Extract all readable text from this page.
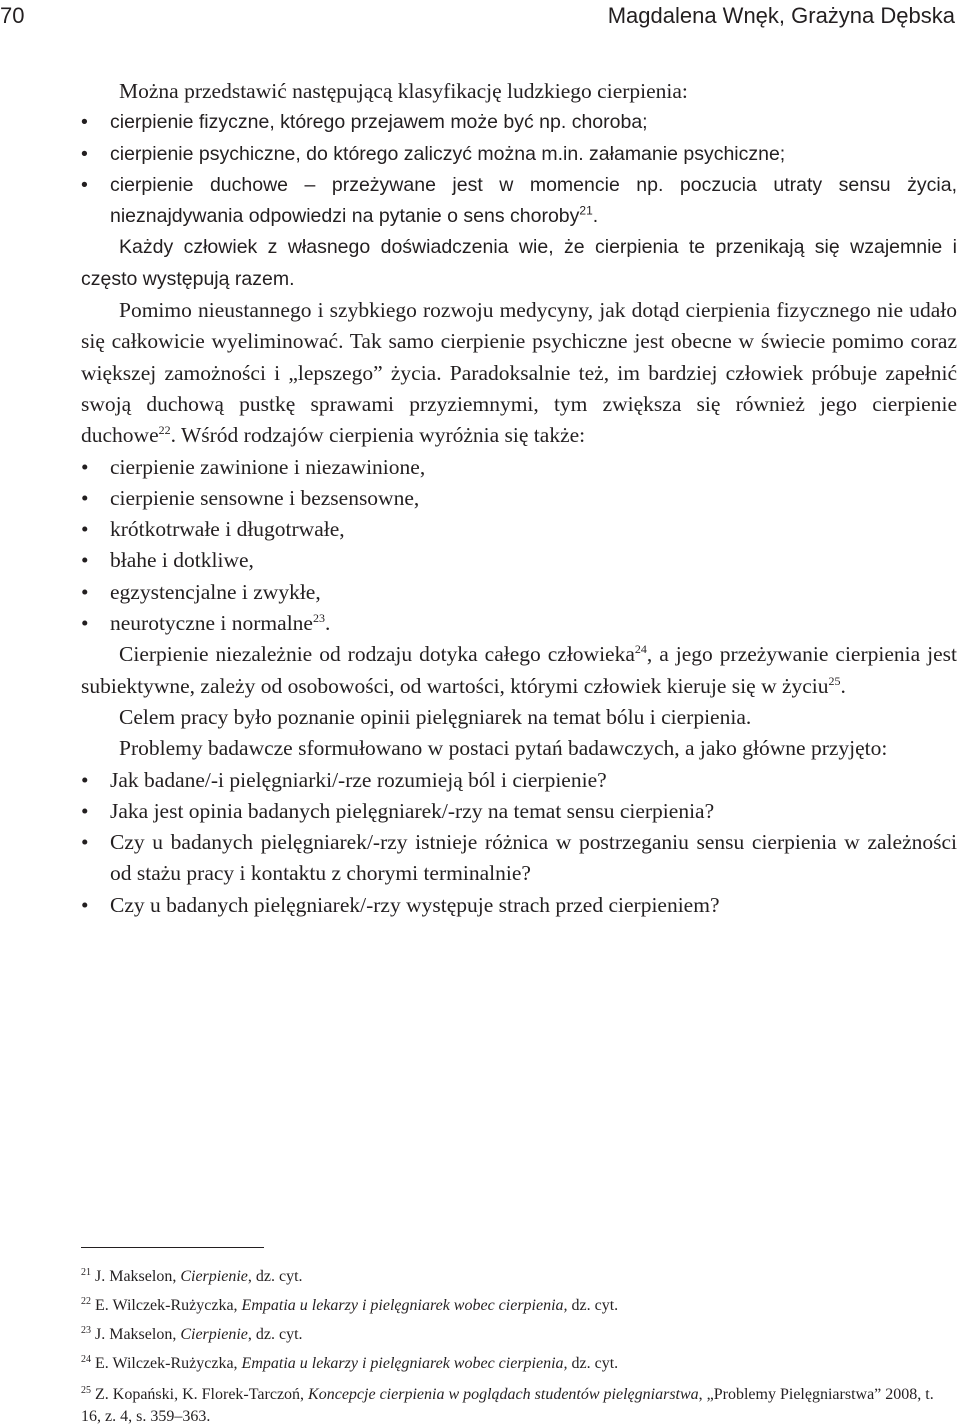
70	Magdalena Wnęk, Grażyna Dębska

Można przedstawić następującą klasyfikację ludzkiego cierpienia:

• cierpienie fizyczne, którego przejawem może być np. choroba;
• cierpienie psychiczne, do którego zaliczyć można m.in. załamanie psychiczne;
• cierpienie duchowe – przeżywane jest w momencie np. poczucia utraty sensu życia, nieznajdywania odpowiedzi na pytanie o sens choroby$^{21}$.

Każdy człowiek z własnego doświadczenia wie, że cierpienia te przenikają się wzajemnie i często występują razem.

Pomimo nieustannego i szybkiego rozwoju medycyny, jak dotąd cierpienia fizycznego nie udało się całkowicie wyeliminować. Tak samo cierpienie psychiczne jest obecne w świecie pomimo coraz większej zamożności i „lepszego” życia. Paradoksalnie też, im bardziej człowiek próbuje zapełnić swoją duchową pustkę sprawami przyziemnymi, tym zwiększa się również jego cierpienie duchowe$^{22}$. Wśród rodzajów cierpienia wyróżnia się także:

• cierpienie zawinione i niezawinione,
• cierpienie sensowne i bezsensowne,
• krótkotrwałe i długotrwałe,
• błahe i dotkliwe,
• egzystencjalne i zwykłe,
• neurotyczne i normalne$^{23}$.

Cierpienie niezależnie od rodzaju dotyka całego człowieka$^{24}$, a jego przeżywanie cierpienia jest subiektywne, zależy od osobowości, od wartości, którymi człowiek kieruje się w życiu$^{25}$.

Celem pracy było poznanie opinii pielęgniarek na temat bólu i cierpienia.

Problemy badawcze sformułowano w postaci pytań badawczych, a jako główne przyjęto:

• Jak badane/-i pielęgniarki/-rze rozumieją ból i cierpienie?
• Jaka jest opinia badanych pielęgniarek/-rzy na temat sensu cierpienia?
• Czy u badanych pielęgniarek/-rzy istnieje różnica w postrzeganiu sensu cierpienia w zależności od stażu pracy i kontaktu z chorymi terminalnie?
• Czy u badanych pielęgniarek/-rzy występuje strach przed cierpieniem?
$^{21}$ J. Makselon, Cierpienie, dz. cyt.
$^{22}$ E. Wilczek-Rużyczka, Empatia u lekarzy i pielęgniarek wobec cierpienia, dz. cyt.
$^{23}$ J. Makselon, Cierpienie, dz. cyt.
$^{24}$ E. Wilczek-Rużyczka, Empatia u lekarzy i pielęgniarek wobec cierpienia, dz. cyt.
$^{25}$ Z. Kopański, K. Florek-Tarczoń, Koncepcje cierpienia w poglądach studentów pielęgniarstwa, „Problemy Pielęgniarstwa” 2008, t. 16, z. 4, s. 359–363.
